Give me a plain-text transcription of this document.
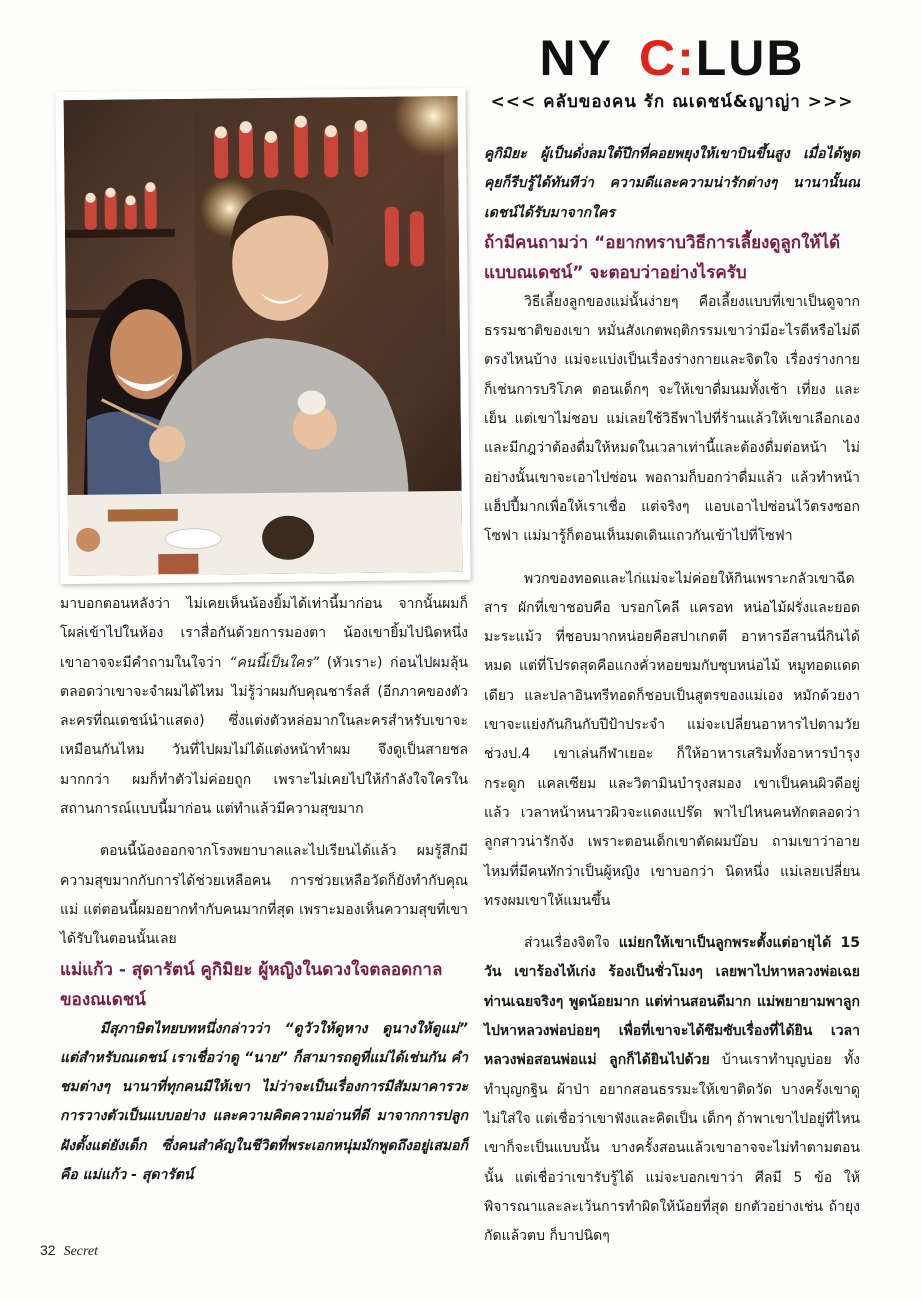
NY C:LUB
<<< คลับของคน รัก ณเดชน์&ญาญ่า >>>

คูกิมิยะ ผู้เป็นดั่งลมใต้ปีกที่คอยพยุงให้เขาบินขึ้นสูง เมื่อได้พูดคุยก็รีบรู้ได้ทันทีว่า ความดีและความน่ารักต่างๆ นานานั้นณเดชน์ได้รับมาจากใคร

ถ้ามีคนถามว่า “อยากทราบวิธีการเลี้ยงดูลูกให้ได้แบบณเดชน์” จะตอบว่าอย่างไรครับ

วิธีเลี้ยงลูกของแม่นั้นง่ายๆ คือเลี้ยงแบบที่เขาเป็นดูจากธรรมชาติของเขา หมั่นสังเกตพฤติกรรมเขาว่ามีอะไรดีหรือไม่ดีตรงไหนบ้าง แม่จะแบ่งเป็นเรื่องร่างกายและจิตใจ เรื่องร่างกายก็เช่นการบริโภค ตอนเด็กๆ จะให้เขาดื่มนมทั้งเช้า เที่ยง และเย็น แต่เขาไม่ชอบ แม่เลยใช้วิธีพาไปที่ร้านแล้วให้เขาเลือกเอง และมีกฎว่าต้องดื่มให้หมดในเวลาเท่านี้และต้องดื่มต่อหน้า ไม่อย่างนั้นเขาจะเอาไปซ่อน พอถามก็บอกว่าดื่มแล้ว แล้วทำหน้าแฮ็ปปี้มากเพื่อให้เราเชื่อ แต่จริงๆ แอบเอาไปซ่อนไว้ตรงซอกโซฟา แม่มารู้ก็ตอนเห็นมดเดินแถวกันเข้าไปที่โซฟา

พวกของทอดและไก่แม่จะไม่ค่อยให้กินเพราะกลัวเขาฉีดสาร ผักที่เขาชอบคือ บรอกโคลี แครอท หน่อไม้ฝรั่งและยอดมะระแม้ว ที่ชอบมากหน่อยคือสปาเกตตี อาหารอีสานนี่กินได้หมด แต่ที่โปรดสุดคือแกงคั่วหอยขมกับซุบหน่อไม้ หมูทอดแดดเดียว และปลาอินทรีทอดก็ชอบเป็นสูตรของแม่เอง หมักด้วยงา เขาจะแย่งกันกินกับปีป้าประจำ แม่จะเปลี่ยนอาหารไปตามวัย ช่วงป.4 เขาเล่นกีฬาเยอะ ก็ให้อาหารเสริมทั้งอาหารบำรุงกระดูก แคลเซียม และวิตามินบำรุงสมอง เขาเป็นคนผิวดีอยู่แล้ว เวลาหน้าหนาวผิวจะแดงแปร๊ด พาไปไหนคนทักตลอดว่าลูกสาวน่ารักจัง เพราะตอนเด็กเขาตัดผมบ๊อบ ถามเขาว่าอายไหมที่มีคนทักว่าเป็นผู้หญิง เขาบอกว่า นิดหนึ่ง แม่เลยเปลี่ยนทรงผมเขาให้แมนขึ้น

ส่วนเรื่องจิตใจ แม่ยกให้เขาเป็นลูกพระตั้งแต่อายุได้ 15 วัน เขาร้องไห้เก่ง ร้องเป็นชั่วโมงๆ เลยพาไปหาหลวงพ่อเฉย ท่านเฉยจริงๆ พูดน้อยมาก แต่ท่านสอนดีมาก แม่พยายามพาลูกไปหาหลวงพ่อบ่อยๆ เพื่อที่เขาจะได้ซึมซับเรื่องที่ได้ยิน เวลาหลวงพ่อสอนพ่อแม่ ลูกก็ได้ยินไปด้วย บ้านเราทำบุญบ่อย ทั้งทำบุญกฐิน ผ้าป่า อยากสอนธรรมะให้เขาติดวัด บางครั้งเขาดูไม่ใส่ใจ แต่เชื่อว่าเขาฟังและคิดเป็น เด็กๆ ถ้าพาเขาไปอยู่ที่ไหน เขาก็จะเป็นแบบนั้น บางครั้งสอนแล้วเขาอาจจะไม่ทำตามตอนนั้น แต่เชื่อว่าเขารับรู้ได้ แม่จะบอกเขาว่า ศีลมี 5 ข้อ ให้พิจารณาและละเว้นการทำผิดให้น้อยที่สุด ยกตัวอย่างเช่น ถ้ายุงกัดแล้วตบ ก็บาปนิดๆ

มาบอกตอนหลังว่า ไม่เคยเห็นน้องยิ้มได้เท่านี้มาก่อน จากนั้นผมก็โผล่เข้าไปในห้อง เราสื่อกันด้วยการมองตา น้องเขายิ้มไปนิดหนึ่ง เขาอาจจะมีคำถามในใจว่า “คนนี้เป็นใคร” (หัวเราะ) ก่อนไปผมลุ้นตลอดว่าเขาจะจำผมได้ไหม ไม่รู้ว่าผมกับคุณชาร์ลส์ (อีกภาคของตัวละครที่ณเดชน์นำแสดง) ซึ่งแต่งตัวหล่อมากในละครสำหรับเขาจะเหมือนกันไหม วันที่ไปผมไม่ได้แต่งหน้าทำผม จึงดูเป็นสายชลมากกว่า ผมก็ทำตัวไม่ค่อยถูก เพราะไม่เคยไปให้กำลังใจใครในสถานการณ์แบบนี้มาก่อน แต่ทำแล้วมีความสุขมาก

ตอนนี้น้องออกจากโรงพยาบาลและไปเรียนได้แล้ว ผมรู้สึกมีความสุขมากกับการได้ช่วยเหลือคน การช่วยเหลือวัดก็ยังทำกับคุณแม่ แต่ตอนนี้ผมอยากทำกับคนมากที่สุด เพราะมองเห็นความสุขที่เขาได้รับในตอนนั้นเลย

แม่แก้ว - สุดารัตน์ คูกิมิยะ ผู้หญิงในดวงใจตลอดกาลของณเดชน์

มีสุภาษิตไทยบทหนึ่งกล่าวว่า “ดูวัวให้ดูหาง ดูนางให้ดูแม่” แต่สำหรับณเดชน์ เราเชื่อว่าดู “นาย” ก็สามารถดูที่แม่ได้เช่นกัน คำชมต่างๆ นานาที่ทุกคนมีให้เขา ไม่ว่าจะเป็นเรื่องการมีสัมมาคารวะ การวางตัวเป็นแบบอย่าง และความคิดความอ่านที่ดี มาจากการปลูกฝังตั้งแต่ยังเด็ก ซึ่งคนสำคัญในชีวิตที่พระเอกหนุ่มมักพูดถึงอยู่เสมอก็คือ แม่แก้ว - สุดารัตน์

32 Secret
